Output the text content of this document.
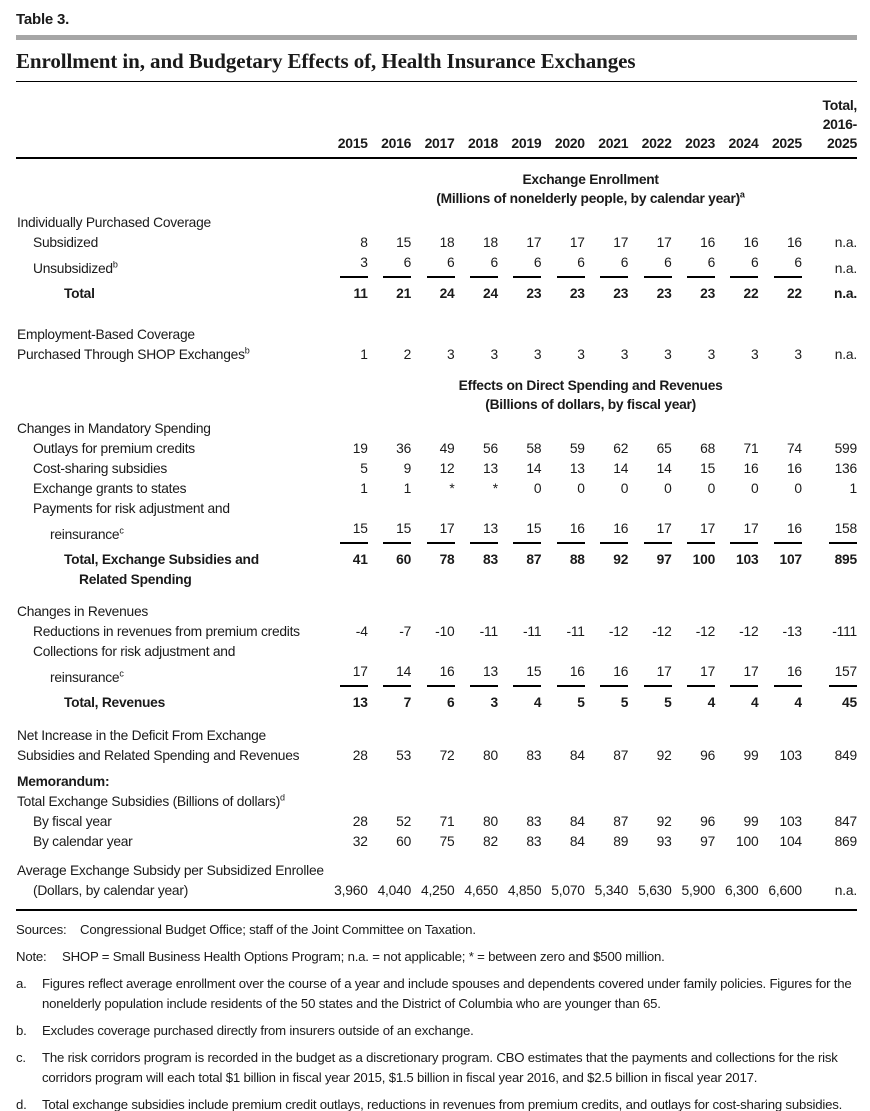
Table 3.
Enrollment in, and Budgetary Effects of, Health Insurance Exchanges
	2015	2016	2017	2018	2019	2020	2021	2022	2023	2024	2025	Total,
2016-
2025

	Exchange Enrollment
(Millions of nonelderly people, by calendar year)$^a$

Individually Purchased Coverage												
Subsidized	8	15	18	18	17	17	17	17	16	16	16	n.a.
Unsubsidized$^b$	3	6	6	6	6	6	6	6	6	6	6	n.a.
Total	11	21	24	24	23	23	23	23	23	22	22	n.a.

Employment-Based Coverage												
Purchased Through SHOP Exchanges$^b$	1	2	3	3	3	3	3	3	3	3	3	n.a.

	Effects on Direct Spending and Revenues
(Billions of dollars, by fiscal year)											

Changes in Mandatory Spending												
Outlays for premium credits	19	36	49	56	58	59	62	65	68	71	74	599
Cost-sharing subsidies	5	9	12	13	14	13	14	14	15	16	16	136
Exchange grants to states	1	1	*	*	0	0	0	0	0	0	0	1
Payments for risk adjustment and												
reinsurance$^c$	15	15	17	13	15	16	16	17	17	17	16	158
Total, Exchange Subsidies and	41	60	78	83	87	88	92	97	100	103	107	895
Related Spending												

Changes in Revenues												
Reductions in revenues from premium credits	-4	-7	-10	-11	-11	-11	-12	-12	-12	-12	-13	-111
Collections for risk adjustment and												
reinsurance$^c$	17	14	16	13	15	16	16	17	17	17	16	157
Total, Revenues	13	7	6	3	4	5	5	5	4	4	4	45

Net Increase in the Deficit From Exchange												
Subsidies and Related Spending and Revenues	28	53	72	80	83	84	87	92	96	99	103	849

Memorandum:												
Total Exchange Subsidies (Billions of dollars)$^d$												
By fiscal year	28	52	71	80	83	84	87	92	96	99	103	847
By calendar year	32	60	75	82	83	84	89	93	97	100	104	869

Average Exchange Subsidy per Subsidized Enrollee												
(Dollars, by calendar year)	3,960	4,040	4,250	4,650	4,850	5,070	5,340	5,630	5,900	6,300	6,600	n.a.

Sources:	Congressional Budget Office; staff of the Joint Committee on Taxation.
Note:	SHOP = Small Business Health Options Program; n.a. = not applicable; * = between zero and $500 million.
a.	Figures reflect average enrollment over the course of a year and include spouses and dependents covered under family policies. Figures for the nonelderly population include residents of the 50 states and the District of Columbia who are younger than 65.
b.	Excludes coverage purchased directly from insurers outside of an exchange.
c.	The risk corridors program is recorded in the budget as a discretionary program. CBO estimates that the payments and collections for the risk corridors program will each total $1 billion in fiscal year 2015, $1.5 billion in fiscal year 2016, and $2.5 billion in fiscal year 2017.
d.	Total exchange subsidies include premium credit outlays, reductions in revenues from premium credits, and outlays for cost-sharing subsidies.
